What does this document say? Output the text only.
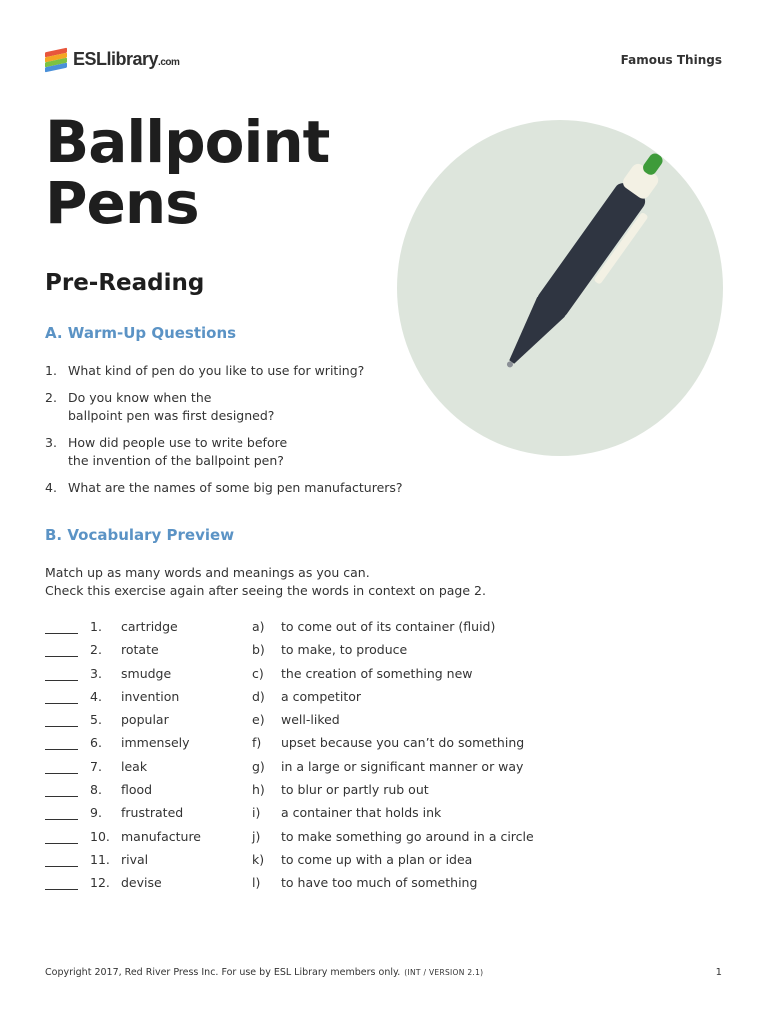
ESLlibrary.com	Famous Things
Ballpoint
Pens
Pre-Reading
A. Warm-Up Questions
1. What kind of pen do you like to use for writing?
2. Do you know when the
ballpoint pen was first designed?
3. How did people use to write before
the invention of the ballpoint pen?
4. What are the names of some big pen manufacturers?
B. Vocabulary Preview
Match up as many words and meanings as you can.
Check this exercise again after seeing the words in context on page 2.
1. cartridge	a) to come out of its container (fluid)
2. rotate	b) to make, to produce
3. smudge	c) the creation of something new
4. invention	d) a competitor
5. popular	e) well-liked
6. immensely	f) upset because you can’t do something
7. leak	g) in a large or significant manner or way
8. flood	h) to blur or partly rub out
9. frustrated	i) a container that holds ink
10. manufacture	j) to make something go around in a circle
11. rival	k) to come up with a plan or idea
12. devise	l) to have too much of something
Copyright 2017, Red River Press Inc. For use by ESL Library members only. (INT / VERSION 2.1)	1
